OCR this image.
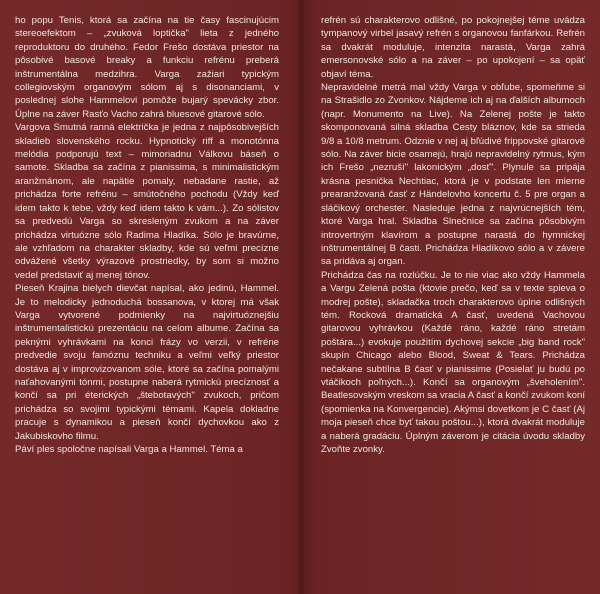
ho popu Tenis, ktorá sa začína na tie časy fascinujúcim stereoefektom – „zvuková loptička" lieta z jedného reproduktoru do druhého. Fedor Frešo dostáva priestor na pôsobivé basové breaky a funkciu refrénu preberá inštrumentálna medzihra. Varga zažiari typickým collegiovským organovým sólom aj s disonanciami, v poslednej slohe Hammelovi pomôže bujarý spevácky zbor. Úplne na záver Rasťo Vacho zahrá bluesové gitarové sólo.

Vargova Smutná ranná električka je jedna z najpôsobivejších skladieb slovenského rocku. Hypnotický riff a monotónna melódia podporujú text – mimoriadnu Válkovu báseň o samote. Skladba sa začína z pianissima, s minimalistickým aranžmánom, ale napätie pomaly, nebadane rastie, až prichádza forte refrénu – smútočného pochodu (Vždy keď idem takto k tebe, vždy keď idem takto k vám...). Zo sólistov sa predvedú Varga so skresleným zvukom a na záver prichádza virtuózne sólo Radima Hladíka. Sólo je bravúrne, ale vzhľadom na charakter skladby, kde sú veľmi precízne odvážené všetky výrazové prostriedky, by som si možno vedel predstaviť aj menej tónov.

Pieseň Krajina bielych dievčat napísal, ako jedinú, Hammel. Je to melodicky jednoduchá bossanova, v ktorej má však Varga vytvorené podmienky na najvirtuóznejšiu inštrumentalistickú prezentáciu na celom albume. Začína sa peknými vyhrávkami na konci frázy vo verzii, v refréne predvedie svoju famóznu techniku a veľmi veľký priestor dostáva aj v improvizovanom sóle, ktoré sa začína pomalými naťahovanými tónmi, postupne naberá rytmickú precíznosť a končí sa pri éterických „štebotavých" zvukoch, pričom prichádza so svojimi typickými témami. Kapela dokladne pracuje s dynamikou a pieseň končí dychovkou ako z Jakubiskovho filmu.

Páví ples spoločne napísali Varga a Hammel. Téma a

refrén sú charakterovo odlišné, po pokojnejšej téme uvádza tympanový virbel jasavý refrén s organovou fanfárkou. Refrén sa dvakrát moduluje, intenzita narastá, Varga zahrá emersonovské sólo a na záver – po upokojení – sa opäť objaví téma.

Nepravidelné metrá mal vždy Varga v obľube, spomeňme si na Strašidlo zo Zvonkov. Nájdeme ich aj na ďalších albumoch (napr. Monumento na Live). Na Zelenej pošte je takto skomponovaná silná skladba Cesty bláznov, kde sa strieda 9/8 a 10/8 metrum. Odznie v nej aj bľúdivé frippovské gitarové sólo. Na záver bicie osamejú, hrajú nepravidelný rytmus, kým ich Frešo „nezruší" lakonickým „dosť". Plynule sa pripája krásna pesnička Nechtiac, ktorá je v podstate len mierne prearanžovaná časť z Händelovho koncertu č. 5 pre organ a sláčikový orchester. Nasleduje jedna z najvrúcnejších tém, ktoré Varga hral. Skladba Slnečnice sa začína pôsobivým introvertným klavírom a postupne narastá do hymnickej inštrumentálnej B časti. Prichádza Hladíkovo sólo a v závere sa pridáva aj organ.

Prichádza čas na rozlúčku. Je to nie viac ako vždy Hammela a Vargu Zelená pošta (ktovie prečo, keď sa v texte spieva o modrej pošte), skladačka troch charakterovo úplne odlišných tém. Rocková dramatická A časť, uvedená Vachovou gitarovou vyhrávkou (Každé ráno, každé ráno stretám poštára...) evokuje použitím dychovej sekcie „big band rock" skupín Chicago alebo Blood, Sweat & Tears. Prichádza nečakane subtílna B časť v pianissime (Posielať ju budú po vtáčikoch poľných...). Končí sa organovým „šveholením". Beatlesovským vreskom sa vracia A časť a končí zvukom koní (spomienka na Konvergencie). Akýmsi dovetkom je C časť (Aj moja pieseň chce byť takou poštou...), ktorá dvakrát moduluje a naberá gradáciu. Úplným záverom je citácia úvodu skladby Zvoňte zvonky.
